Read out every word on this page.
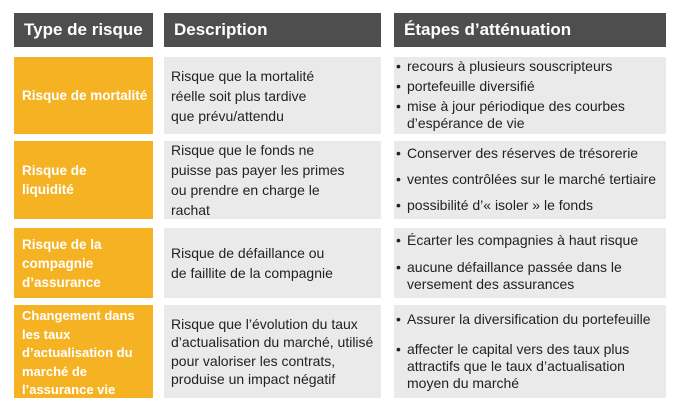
Type de risque	Description	Étapes d’atténuation
Risque de mortalité
Risque que la mortalité réelle soit plus tardive que prévu/attendu
• recours à plusieurs souscripteurs
• portefeuille diversifié
• mise à jour périodique des courbes d’espérance de vie
Risque de liquidité
Risque que le fonds ne puisse pas payer les primes ou prendre en charge le rachat
• Conserver des réserves de trésorerie
• ventes contrôlées sur le marché tertiaire
• possibilité d’« isoler » le fonds
Risque de la compagnie d’assurance
Risque de défaillance ou de faillite de la compagnie
• Écarter les compagnies à haut risque
• aucune défaillance passée dans le versement des assurances
Changement dans les taux d’actualisation du marché de l’assurance vie
Risque que l’évolution du taux d’actualisation du marché, utilisé pour valoriser les contrats, produise un impact négatif
• Assurer la diversification du portefeuille
• affecter le capital vers des taux plus attractifs que le taux d’actualisation moyen du marché
